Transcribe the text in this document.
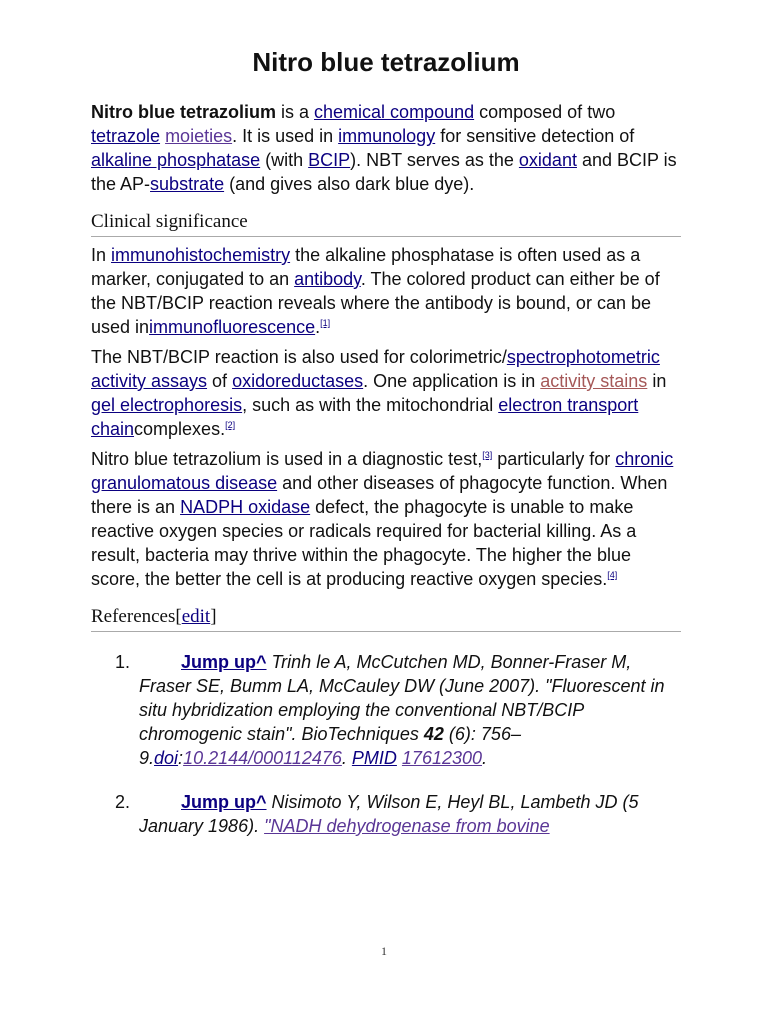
Nitro blue tetrazolium

Nitro blue tetrazolium is a chemical compound composed of two tetrazole moieties. It is used in immunology for sensitive detection of alkaline phosphatase (with BCIP). NBT serves as the oxidant and BCIP is the AP-substrate (and gives also dark blue dye).

Clinical significance

In immunohistochemistry the alkaline phosphatase is often used as a marker, conjugated to an antibody. The colored product can either be of the NBT/BCIP reaction reveals where the antibody is bound, or can be used inimmunofluorescence.[1]

The NBT/BCIP reaction is also used for colorimetric/spectrophotometric activity assays of oxidoreductases. One application is in activity stains in gel electrophoresis, such as with the mitochondrial electron transport chaincomplexes.[2]

Nitro blue tetrazolium is used in a diagnostic test,[3] particularly for chronic granulomatous disease and other diseases of phagocyte function. When there is an NADPH oxidase defect, the phagocyte is unable to make reactive oxygen species or radicals required for bacterial killing. As a result, bacteria may thrive within the phagocyte. The higher the blue score, the better the cell is at producing reactive oxygen species.[4]

References[edit]
1.	Jump up^ Trinh le A, McCutchen MD, Bonner-Fraser M, Fraser SE, Bumm LA, McCauley DW (June 2007). "Fluorescent in situ hybridization employing the conventional NBT/BCIP chromogenic stain". BioTechniques 42 (6): 756–9.doi:10.2144/000112476. PMID 17612300.
2.	Jump up^ Nisimoto Y, Wilson E, Heyl BL, Lambeth JD (5 January 1986). "NADH dehydrogenase from bovine
1
